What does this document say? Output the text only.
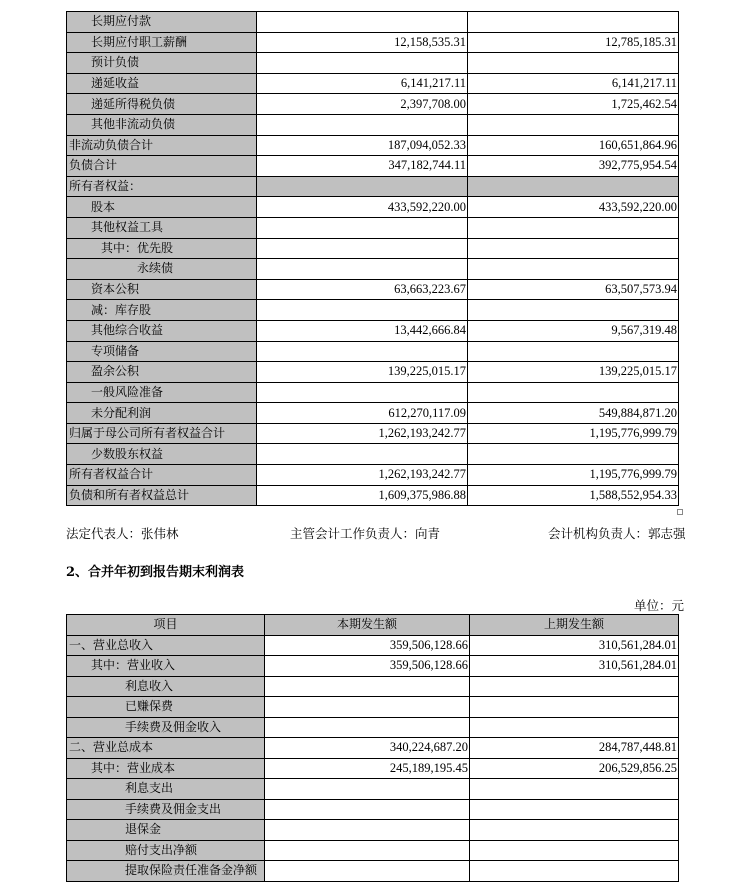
长期应付款		
长期应付职工薪酬	12,158,535.31	12,785,185.31
预计负债		
递延收益	6,141,217.11	6,141,217.11
递延所得税负债	2,397,708.00	1,725,462.54
其他非流动负债		
非流动负债合计	187,094,052.33	160,651,864.96
负债合计	347,182,744.11	392,775,954.54
所有者权益：		
股本	433,592,220.00	433,592,220.00
其他权益工具		
其中：优先股		
永续债		
资本公积	63,663,223.67	63,507,573.94
减：库存股		
其他综合收益	13,442,666.84	9,567,319.48
专项储备		
盈余公积	139,225,015.17	139,225,015.17
一般风险准备		
未分配利润	612,270,117.09	549,884,871.20
归属于母公司所有者权益合计	1,262,193,242.77	1,195,776,999.79
少数股东权益		
所有者权益合计	1,262,193,242.77	1,195,776,999.79
负债和所有者权益总计	1,609,375,986.88	1,588,552,954.33
法定代表人：张伟林	主管会计工作负责人：向青	会计机构负责人：郭志强
2、合并年初到报告期末利润表
单位：元
项目	本期发生额	上期发生额
一、营业总收入	359,506,128.66	310,561,284.01
其中：营业收入	359,506,128.66	310,561,284.01
利息收入		
已赚保费		
手续费及佣金收入		
二、营业总成本	340,224,687.20	284,787,448.81
其中：营业成本	245,189,195.45	206,529,856.25
利息支出		
手续费及佣金支出		
退保金		
赔付支出净额		
提取保险责任准备金净额		
